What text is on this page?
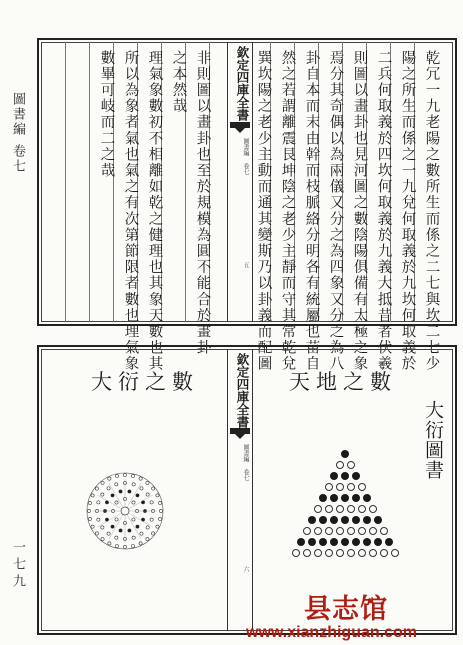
圖書編
卷七
一七九
欽定四庫全書
圖書編 卷七
五	乾冗一九老陽之數所生而係之二七與坎二七少
陽之所生而係之一九兌何取義於九坎何取義於
二兵何取義於四坎何取義於九義大抵昔者伏羲
則圖以畫卦也見河圖之數陰陽俱備有太極之象
焉分其奇偶以為兩儀又分之為四象又分之為八
卦自本而末由幹而枝脈絡分明各有統屬也苗自
然之若謂離震艮坤陰之老少主靜而守其常乾兌
巽坎陽之老少主動而通其變斯乃以卦義而配圖
非則圖以畫卦也至於規模為圓不能合於畫卦
之本然哉
理氣象數初不相離如乾之健理也其象天數也其
所以為象者氣也氣之有次第節限者數也理氣象
數畢可岐而二之哉
欽定四庫全書
圖書編 卷七
六
大衍之數	天地之數
大衍圖書
县志馆
www.xianzhiguan.com
